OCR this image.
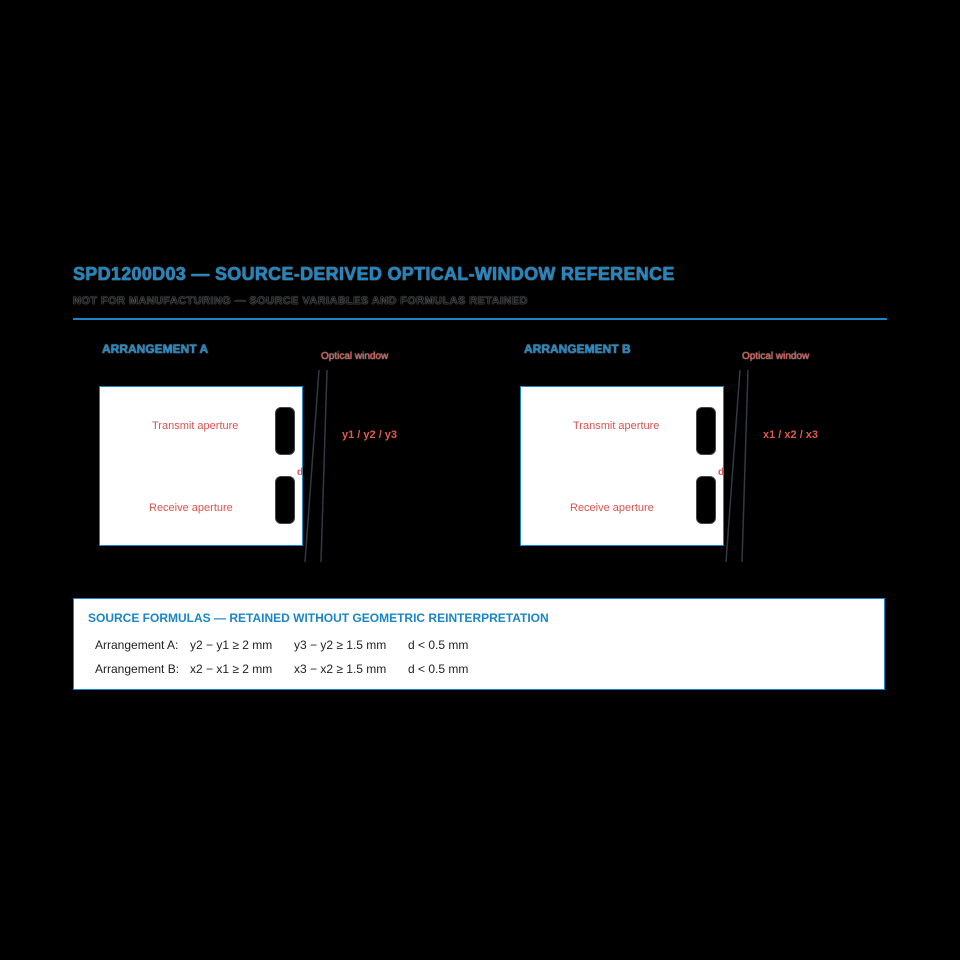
SPD1200D03 — SOURCE-DERIVED OPTICAL-WINDOW REFERENCE
NOT FOR MANUFACTURING — SOURCE VARIABLES AND FORMULAS RETAINED
ARRANGEMENT A
Optical window
Transmit aperture
Receive aperture
d
y1 / y2 / y3
ARRANGEMENT B
Optical window
Transmit aperture
Receive aperture
d
x1 / x2 / x3
SOURCE FORMULAS — RETAINED WITHOUT GEOMETRIC REINTERPRETATION
Arrangement A: y2 − y1 ≥ 2 mm y3 − y2 ≥ 1.5 mm d < 0.5 mm
Arrangement B: x2 − x1 ≥ 2 mm x3 − x2 ≥ 1.5 mm d < 0.5 mm
